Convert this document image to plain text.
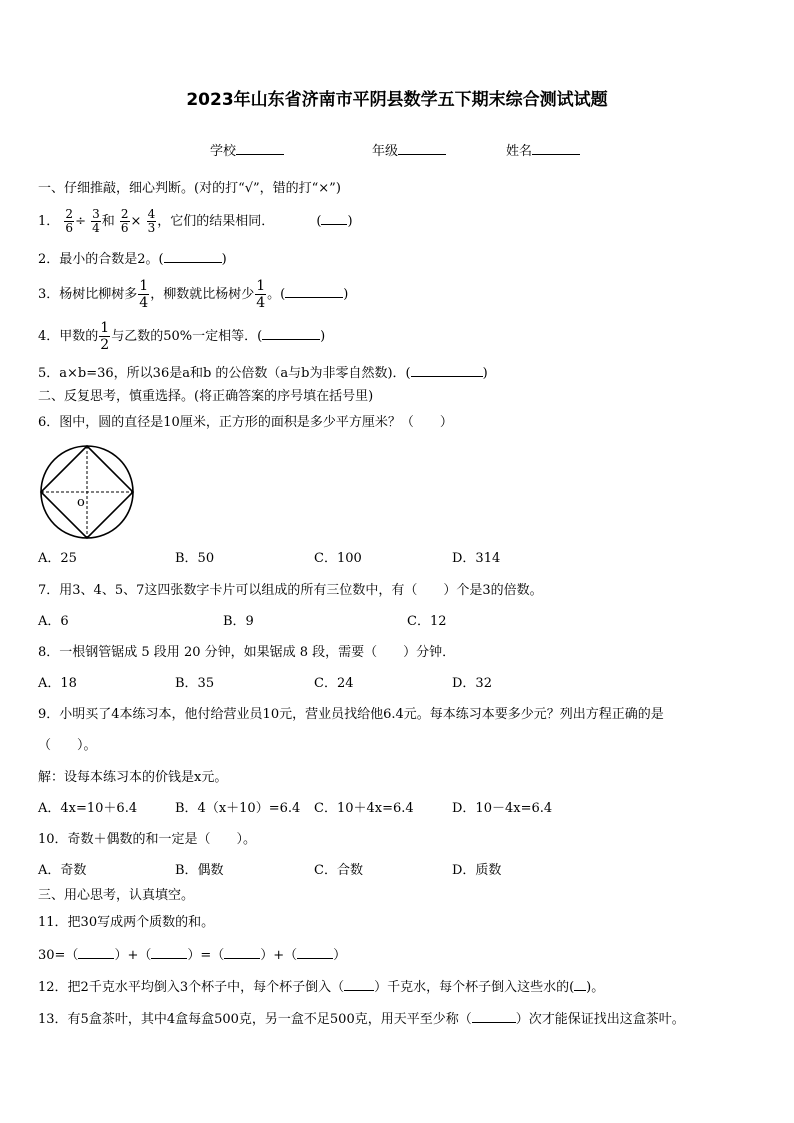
2023年山东省济南市平阴县数学五下期末综合测试试题
学校	年级	姓名
一、仔细推敲，细心判断。(对的打“√”，错的打“×”)
1． $\frac{2}{6} \div \frac{3}{4}$ 和 $\frac{2}{6} \times \frac{4}{3}$ ，它们的结果相同．	( )
2．最小的合数是2。(	)
3．杨树比柳树多 $\frac{1}{4}$ ，柳数就比杨树少 $\frac{1}{4}$ 。(	)
4．甲数的 $\frac{1}{2}$ 与乙数的50%一定相等．(	)
5．a×b=36，所以36是a和b 的公倍数（a与b为非零自然数)．(	)
二、反复思考，慎重选择。(将正确答案的序号填在括号里)
6．图中，圆的直径是10厘米，正方形的面积是多少平方厘米？（　　）
o
A．25	B．50	C．100	D．314
7．用3、4、5、7这四张数字卡片可以组成的所有三位数中，有（　　）个是3的倍数。
A．6	B．9	C．12
8．一根钢管锯成 5 段用 20 分钟，如果锯成 8 段，需要（　　）分钟．
A．18	B．35	C．24	D．32
9．小明买了4本练习本，他付给营业员10元，营业员找给他6.4元。每本练习本要多少元？列出方程正确的是
（　　）。
解：设每本练习本的价钱是x元。
A．4x=10＋6.4	B．4（x＋10）=6.4 C．10＋4x=6.4	D．10－4x=6.4
10．奇数＋偶数的和一定是（　　）。
A．奇数	B．偶数	C．合数	D．质数
三、用心思考，认真填空。
11．把30写成两个质数的和。
30=（	）+（	）=（	）+（	）
12．把2千克水平均倒入3个杯子中，每个杯子倒入（ ）千克水，每个杯子倒入这些水的( )。
13．有5盒茶叶，其中4盒每盒500克，另一盒不足500克，用天平至少称（	）次才能保证找出这盒茶叶。
